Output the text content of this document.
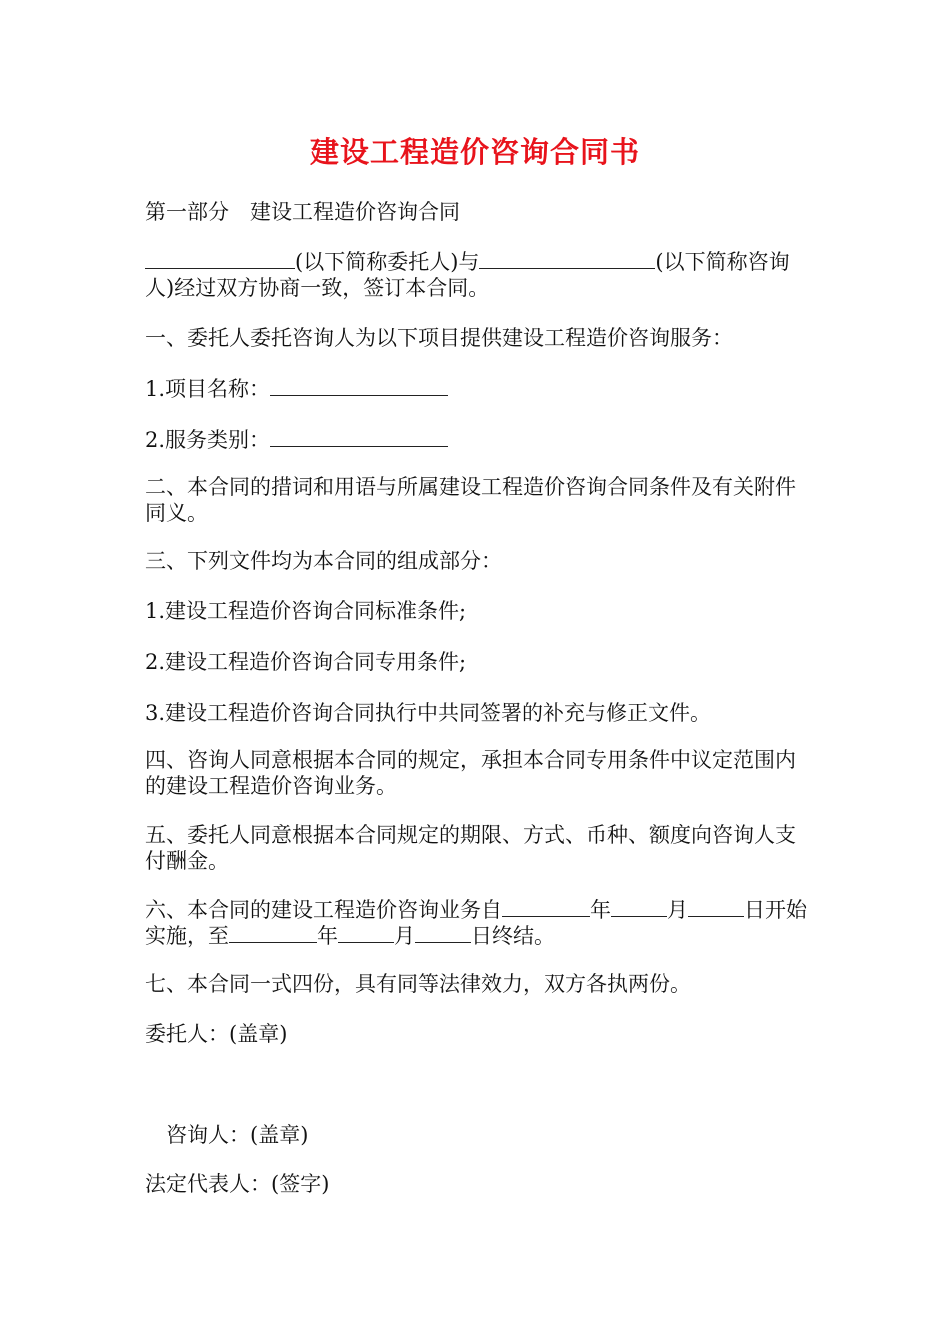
建设工程造价咨询合同书

第一部分　建设工程造价咨询合同

(以下简称委托人)与	(以下简称咨询人)经过双方协商一致，签订本合同。

一、委托人委托咨询人为以下项目提供建设工程造价咨询服务：

1.项目名称：

2.服务类别：

二、本合同的措词和用语与所属建设工程造价咨询合同条件及有关附件同义。

三、下列文件均为本合同的组成部分：

1.建设工程造价咨询合同标准条件;

2.建设工程造价咨询合同专用条件;

3.建设工程造价咨询合同执行中共同签署的补充与修正文件。

四、咨询人同意根据本合同的规定，承担本合同专用条件中议定范围内的建设工程造价咨询业务。

五、委托人同意根据本合同规定的期限、方式、币种、额度向咨询人支付酬金。

六、本合同的建设工程造价咨询业务自	年	月	日开始实施，至	年	月	日终结。

七、本合同一式四份，具有同等法律效力，双方各执两份。

委托人：(盖章)

咨询人：(盖章)

法定代表人：(签字)
